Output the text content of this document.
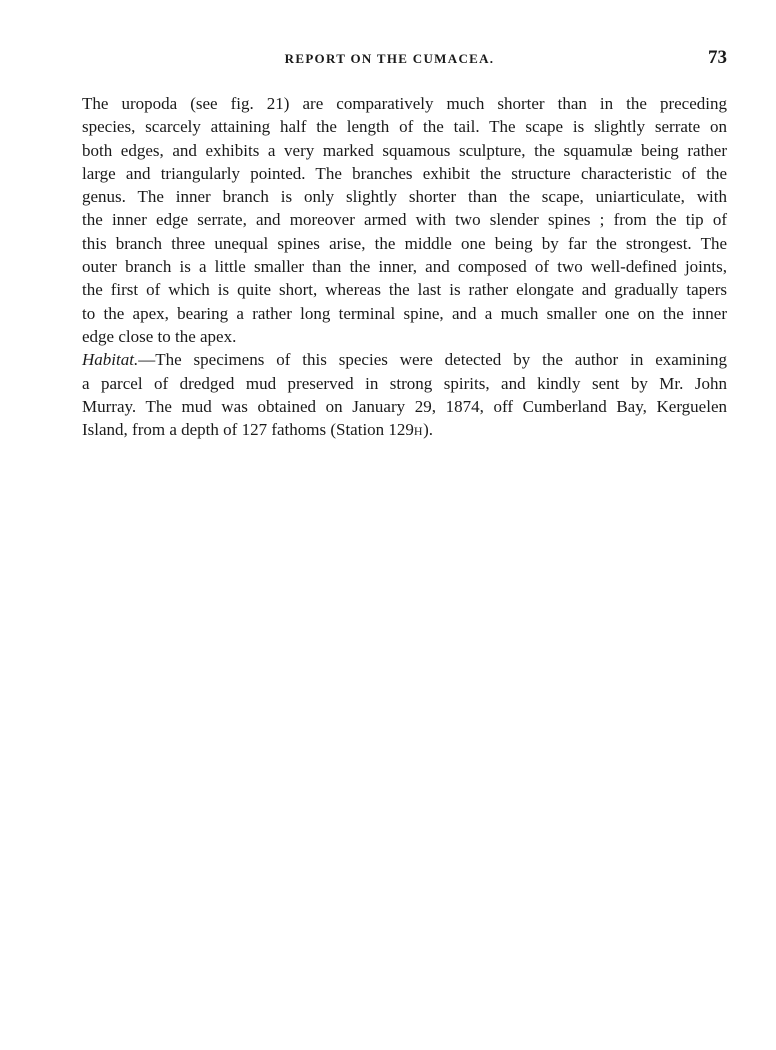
REPORT ON THE CUMACEA.	73
The uropoda (see fig. 21) are comparatively much shorter than in the preceding
species, scarcely attaining half the length of the tail. The scape is slightly serrate on
both edges, and exhibits a very marked squamous sculpture, the squamulæ being rather
large and triangularly pointed. The branches exhibit the structure characteristic of the
genus. The inner branch is only slightly shorter than the scape, uniarticulate, with
the inner edge serrate, and moreover armed with two slender spines ; from the tip of
this branch three unequal spines arise, the middle one being by far the strongest. The
outer branch is a little smaller than the inner, and composed of two well-defined joints,
the first of which is quite short, whereas the last is rather elongate and gradually tapers
to the apex, bearing a rather long terminal spine, and a much smaller one on the inner
edge close to the apex.
Habitat.—The specimens of this species were detected by the author in examining
a parcel of dredged mud preserved in strong spirits, and kindly sent by Mr. John
Murray. The mud was obtained on January 29, 1874, off Cumberland Bay, Kerguelen
Island, from a depth of 127 fathoms (Station 129H).
